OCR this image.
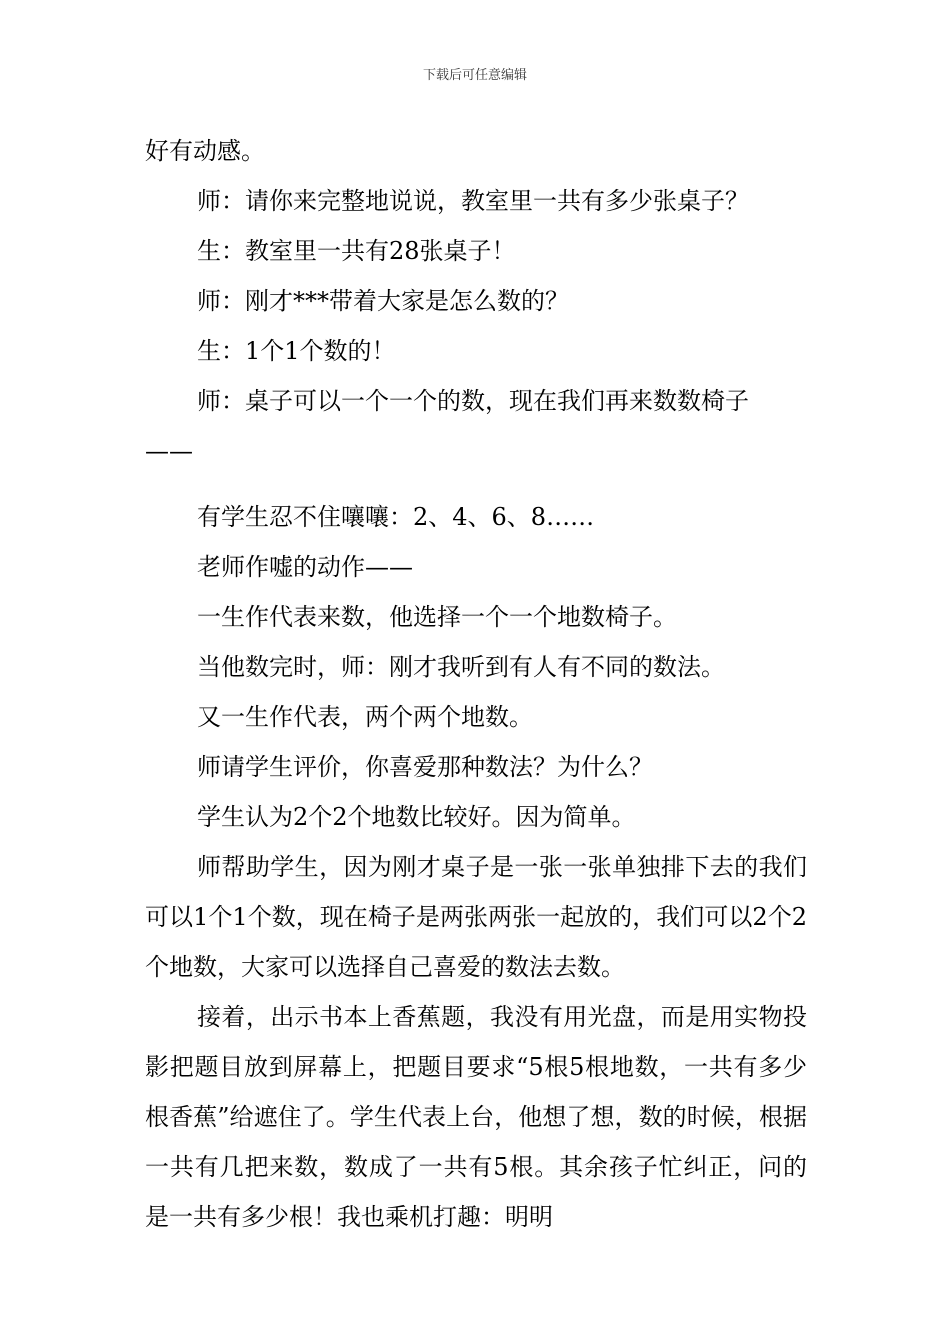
下载后可任意编辑

好有动感。

师：请你来完整地说说，教室里一共有多少张桌子？

生：教室里一共有28张桌子！

师：刚才***带着大家是怎么数的？

生：1个1个数的！

师：桌子可以一个一个的数，现在我们再来数数椅子

——

有学生忍不住嚷嚷：2、4、6、8……

老师作嘘的动作——

一生作代表来数，他选择一个一个地数椅子。

当他数完时，师：刚才我听到有人有不同的数法。

又一生作代表，两个两个地数。

师请学生评价，你喜爱那种数法？为什么？

学生认为2个2个地数比较好。因为简单。

师帮助学生，因为刚才桌子是一张一张单独排下去的我们可以1个1个数，现在椅子是两张两张一起放的，我们可以2个2个地数，大家可以选择自己喜爱的数法去数。

接着，出示书本上香蕉题，我没有用光盘，而是用实物投影把题目放到屏幕上，把题目要求“5根5根地数，一共有多少根香蕉”给遮住了。学生代表上台，他想了想，数的时候，根据一共有几把来数，数成了一共有5根。其余孩子忙纠正，问的是一共有多少根！我也乘机打趣：明明
